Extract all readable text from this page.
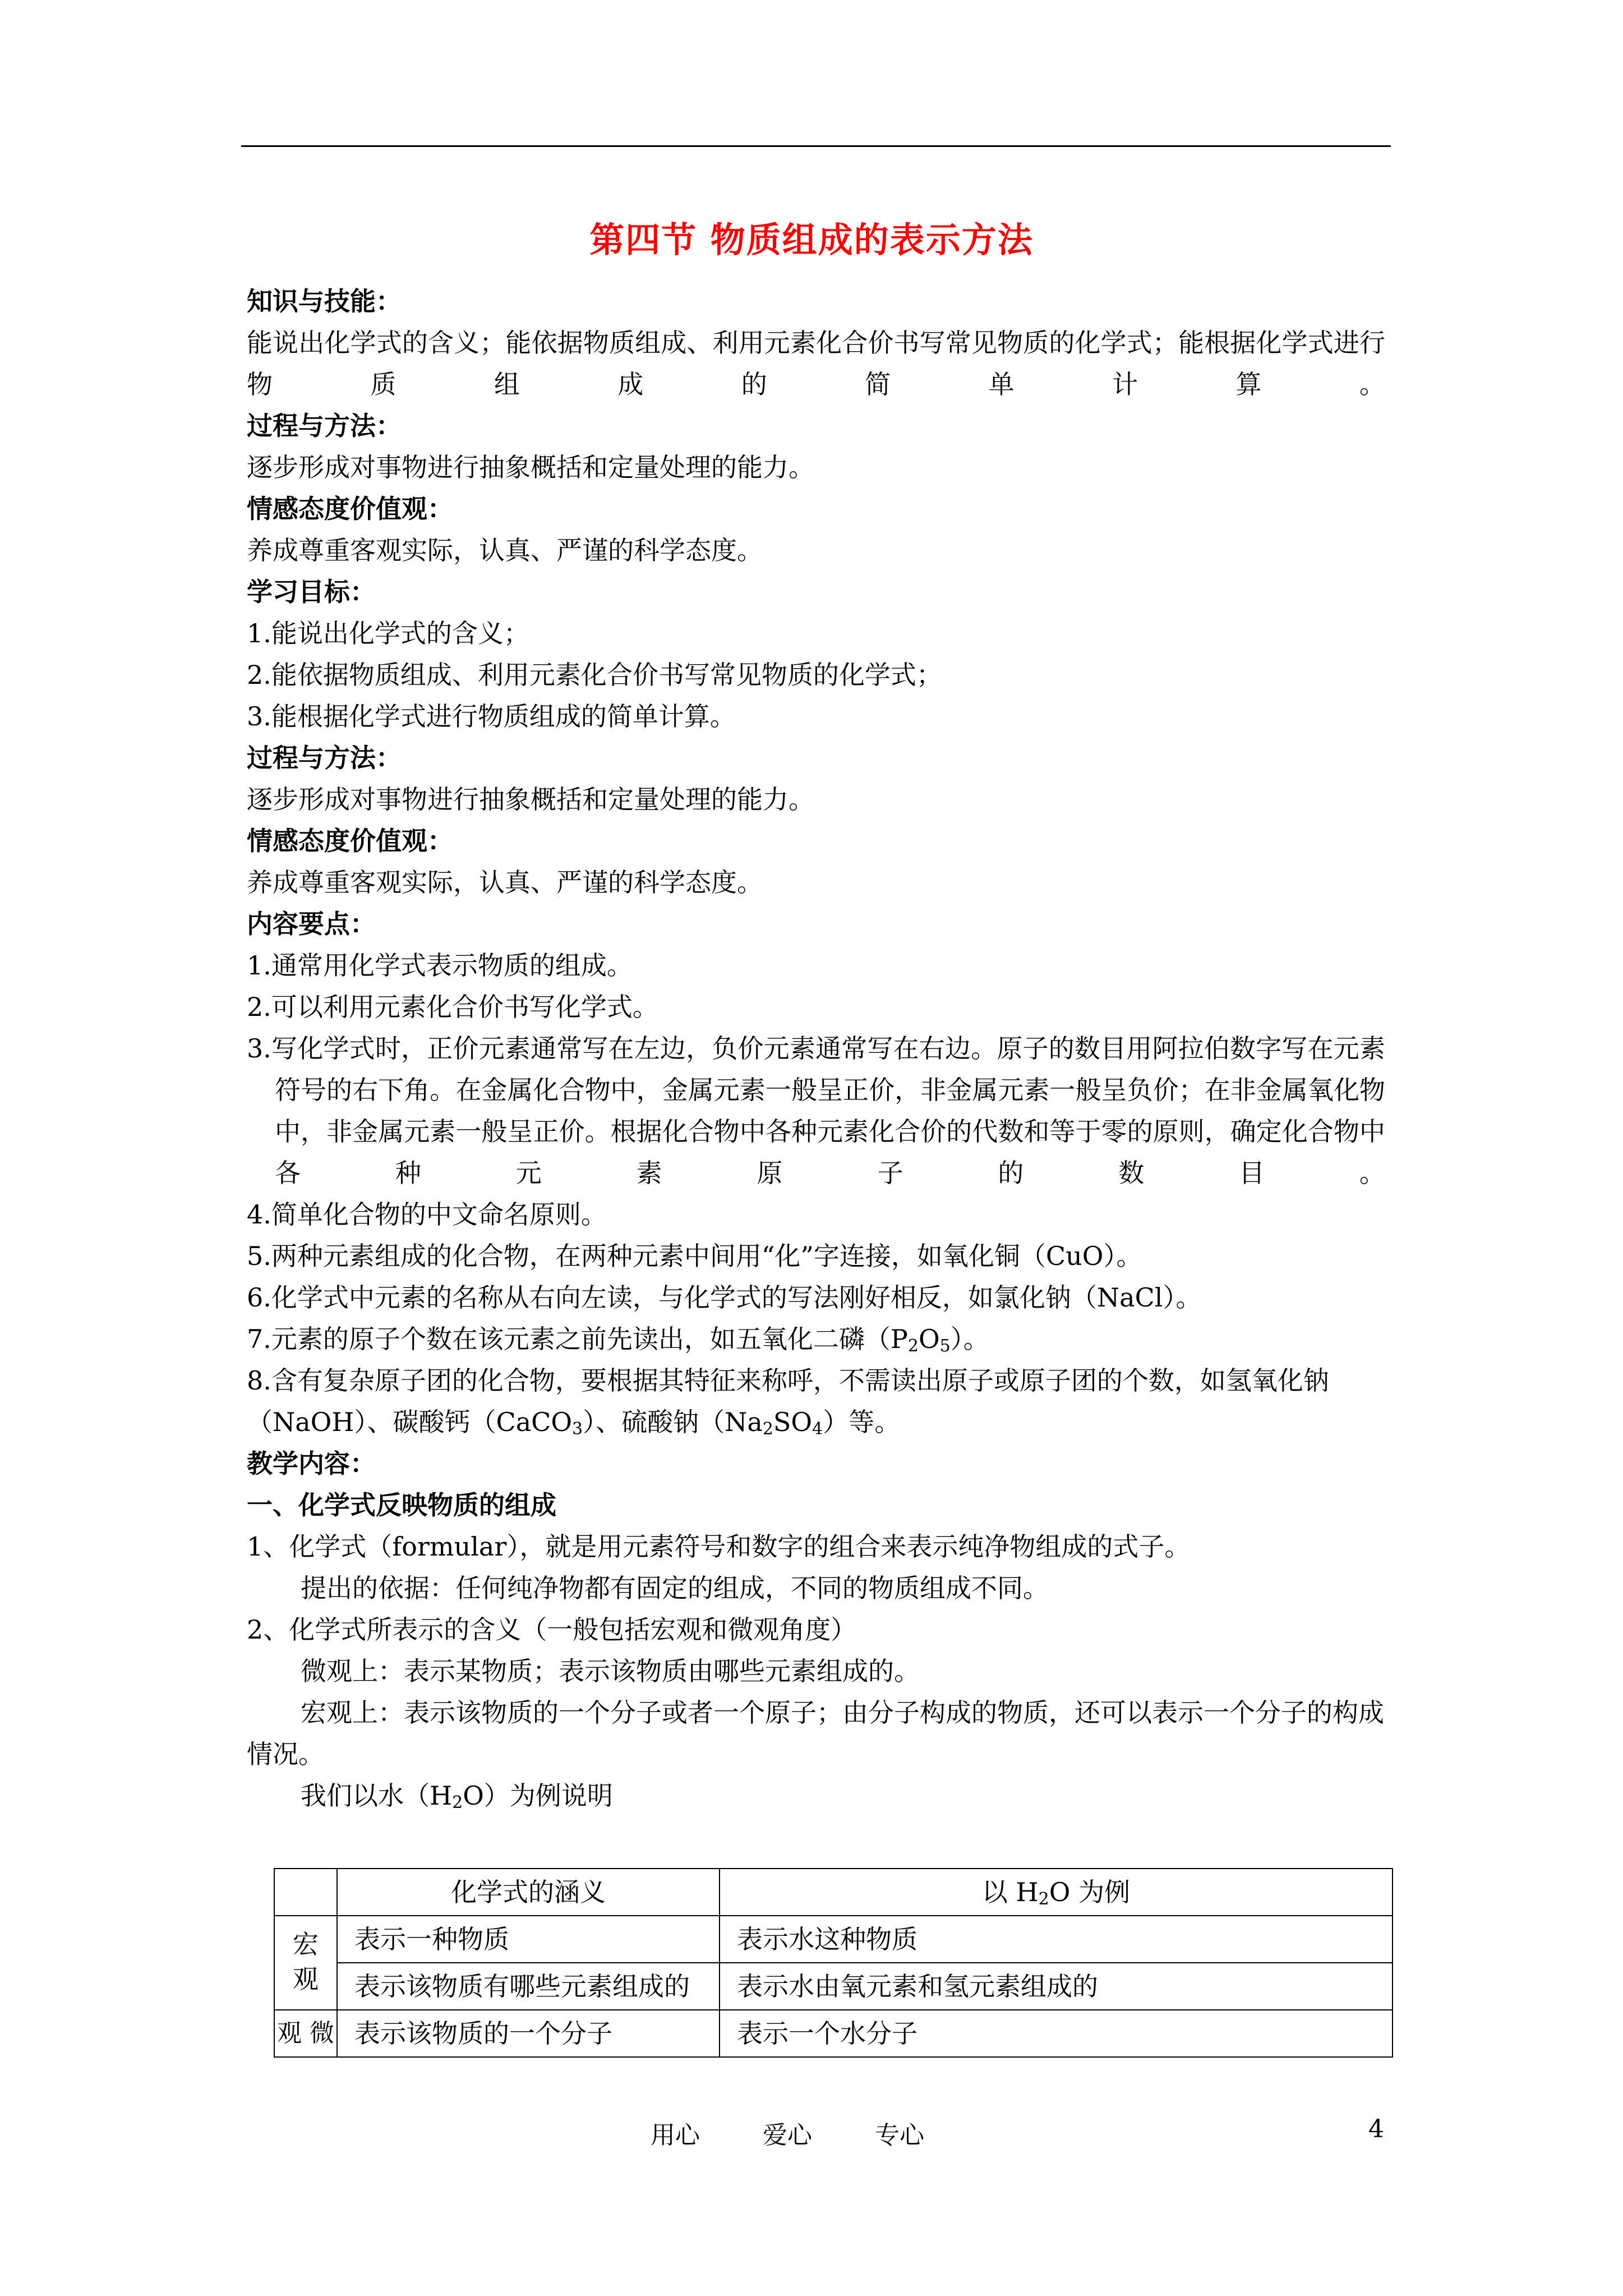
第四节 物质组成的表示方法
知识与技能：
能说出化学式的含义；能依据物质组成、利用元素化合价书写常见物质的化学式；能根据化学式进行物质组成的简单计算。
过程与方法：
逐步形成对事物进行抽象概括和定量处理的能力。
情感态度价值观：
养成尊重客观实际，认真、严谨的科学态度。
学习目标：
1.能说出化学式的含义；
2.能依据物质组成、利用元素化合价书写常见物质的化学式；
3.能根据化学式进行物质组成的简单计算。
过程与方法：
逐步形成对事物进行抽象概括和定量处理的能力。
情感态度价值观：
养成尊重客观实际，认真、严谨的科学态度。
内容要点：
1.通常用化学式表示物质的组成。
2.可以利用元素化合价书写化学式。
3.写化学式时，正价元素通常写在左边，负价元素通常写在右边。原子的数目用阿拉伯数字写在元素符号的右下角。在金属化合物中，金属元素一般呈正价，非金属元素一般呈负价；在非金属氧化物中，非金属元素一般呈正价。根据化合物中各种元素化合价的代数和等于零的原则，确定化合物中各种元素原子的数目。
4.简单化合物的中文命名原则。
5.两种元素组成的化合物，在两种元素中间用“化”字连接，如氧化铜（CuO）。
6.化学式中元素的名称从右向左读，与化学式的写法刚好相反，如氯化钠（NaCl）。
7.元素的原子个数在该元素之前先读出，如五氧化二磷$(P_2O_5)$。
8.含有复杂原子团的化合物，要根据其特征来称呼，不需读出原子或原子团的个数，如氢氧化钠（NaOH）、碳酸钙（CaCO$_3$）、硫酸钠$(Na_2SO_4)$等。
教学内容：
一、化学式反映物质的组成
1、化学式（formular），就是用元素符号和数字的组合来表示纯净物组成的式子。
提出的依据：任何纯净物都有固定的组成，不同的物质组成不同。
2、化学式所表示的含义（一般包括宏观和微观角度）
微观上：表示某物质；表示该物质由哪些元素组成的。
宏观上：表示该物质的一个分子或者一个原子；由分子构成的物质，还可以表示一个分子的构成情况。
我们以水$(H_2O)$为例说明
	化学式的涵义	以 $H_2O$ 为例
宏观	表示一种物质	表示水这种物质
	表示该物质有哪些元素组成的	表示水由氧元素和氢元素组成的
观 微	表示该物质的一个分子	表示一个水分子
用心	爱心	专心	4
